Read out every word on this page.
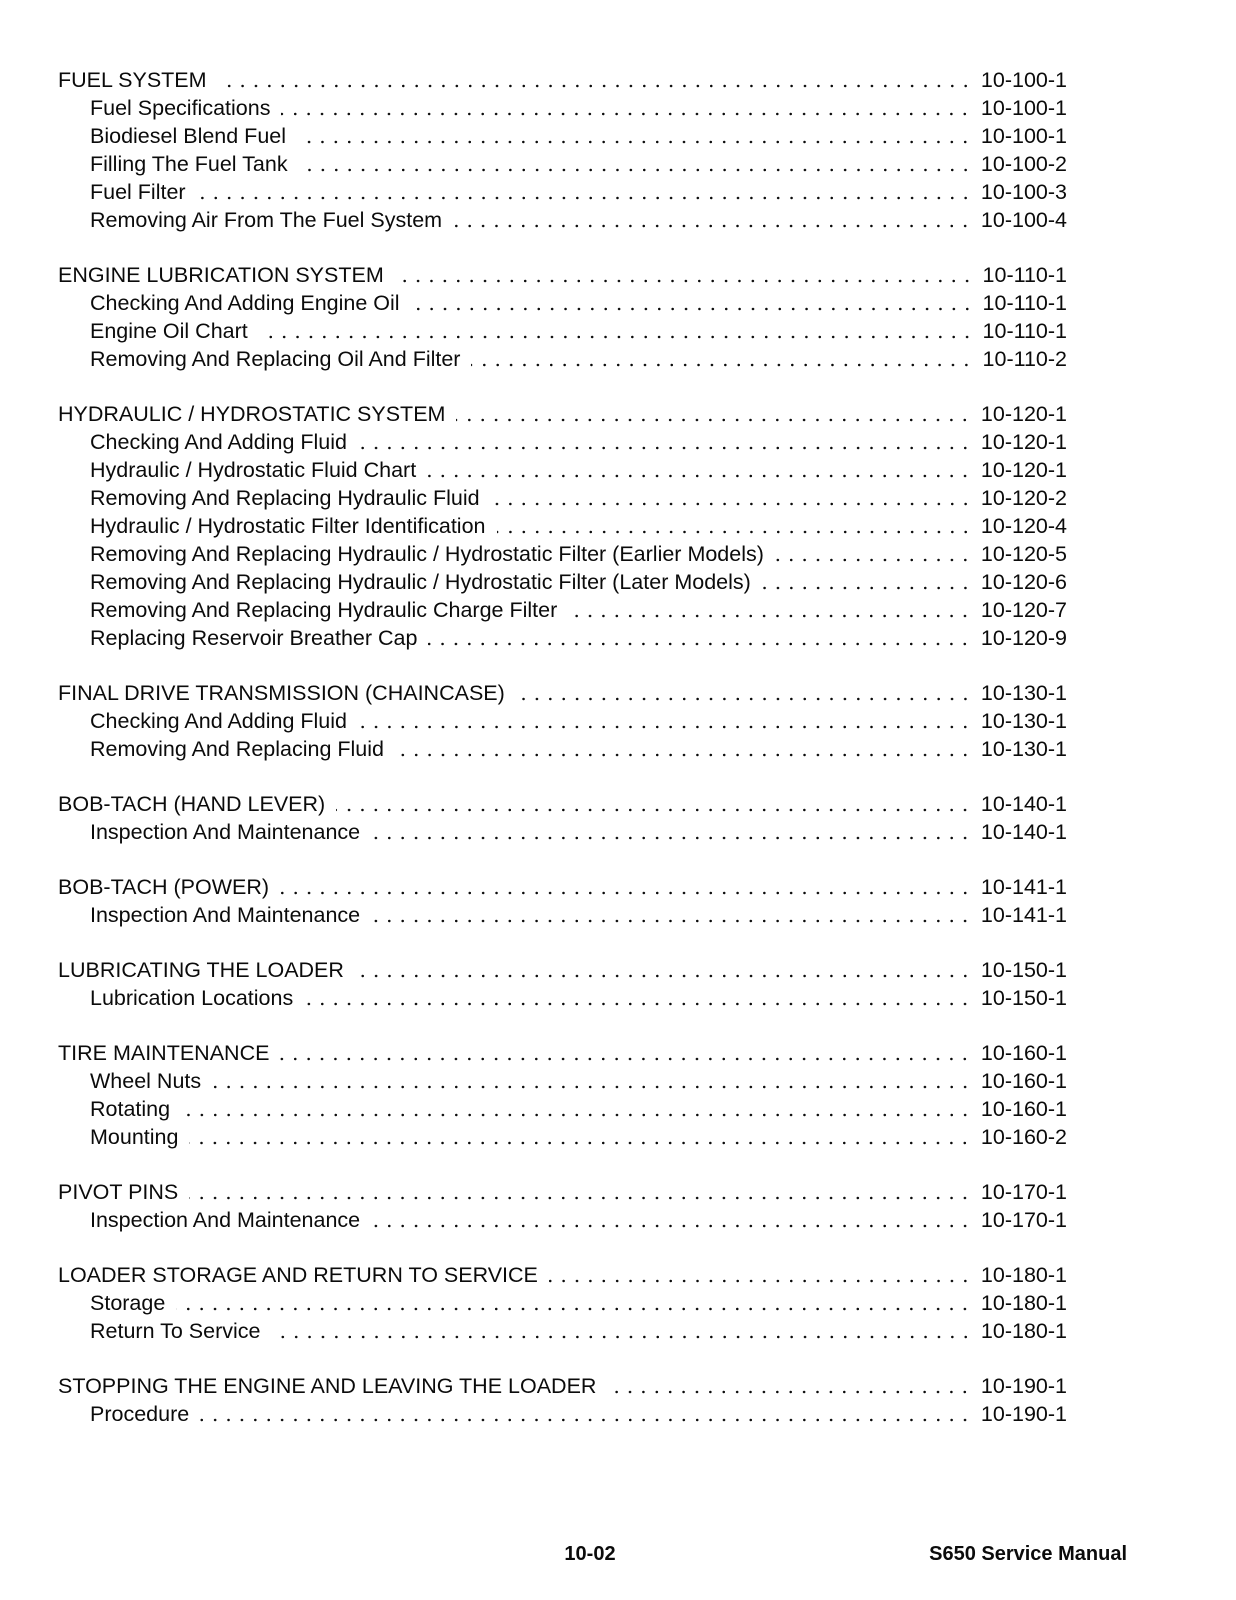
FUEL SYSTEM	10-100-1
Fuel Specifications	10-100-1
Biodiesel Blend Fuel	10-100-1
Filling The Fuel Tank	10-100-2
Fuel Filter	10-100-3
Removing Air From The Fuel System	10-100-4
ENGINE LUBRICATION SYSTEM	10-110-1
Checking And Adding Engine Oil	10-110-1
Engine Oil Chart	10-110-1
Removing And Replacing Oil And Filter	10-110-2
HYDRAULIC / HYDROSTATIC SYSTEM	10-120-1
Checking And Adding Fluid	10-120-1
Hydraulic / Hydrostatic Fluid Chart	10-120-1
Removing And Replacing Hydraulic Fluid	10-120-2
Hydraulic / Hydrostatic Filter Identification	10-120-4
Removing And Replacing Hydraulic / Hydrostatic Filter (Earlier Models)	10-120-5
Removing And Replacing Hydraulic / Hydrostatic Filter (Later Models)	10-120-6
Removing And Replacing Hydraulic Charge Filter	10-120-7
Replacing Reservoir Breather Cap	10-120-9
FINAL DRIVE TRANSMISSION (CHAINCASE)	10-130-1
Checking And Adding Fluid	10-130-1
Removing And Replacing Fluid	10-130-1
BOB-TACH (HAND LEVER)	10-140-1
Inspection And Maintenance	10-140-1
BOB-TACH (POWER)	10-141-1
Inspection And Maintenance	10-141-1
LUBRICATING THE LOADER	10-150-1
Lubrication Locations	10-150-1
TIRE MAINTENANCE	10-160-1
Wheel Nuts	10-160-1
Rotating	10-160-1
Mounting	10-160-2
PIVOT PINS	10-170-1
Inspection And Maintenance	10-170-1
LOADER STORAGE AND RETURN TO SERVICE	10-180-1
Storage	10-180-1
Return To Service	10-180-1
STOPPING THE ENGINE AND LEAVING THE LOADER	10-190-1
Procedure	10-190-1
10-02	S650 Service Manual
